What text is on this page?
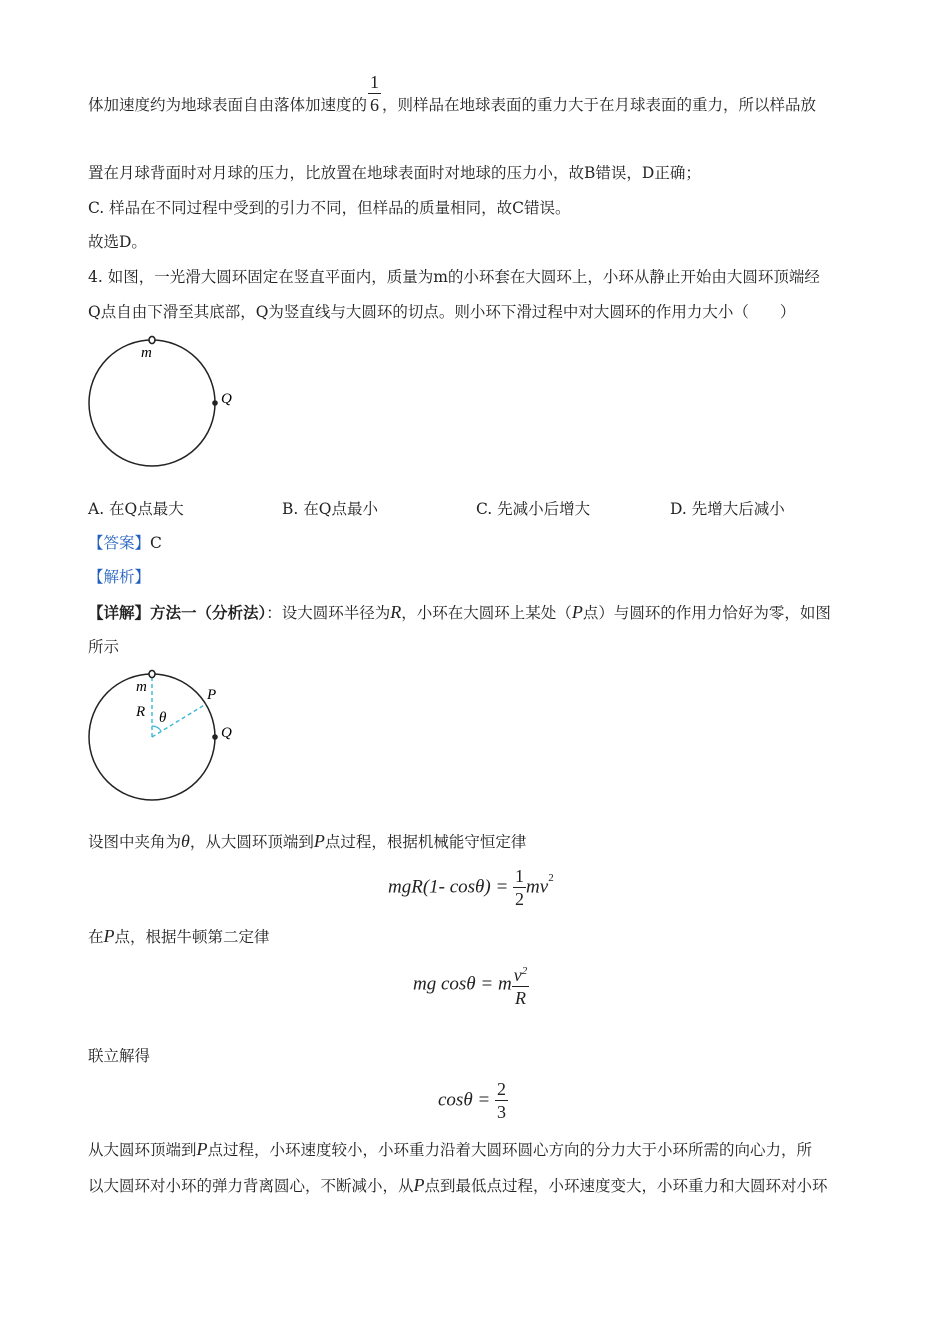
体加速度约为地球表面自由落体加速度的 $\frac{1}{6}$ ，则样品在地球表面的重力大于在月球表面的重力，所以样品放
置在月球背面时对月球的压力，比放置在地球表面时对地球的压力小，故B错误，D正确；
C. 样品在不同过程中受到的引力不同，但样品的质量相同，故C错误。
故选D。
4. 如图，一光滑大圆环固定在竖直平面内，质量为m的小环套在大圆环上，小环从静止开始由大圆环顶端经
Q点自由下滑至其底部，Q为竖直线与大圆环的切点。则小环下滑过程中对大圆环的作用力大小（　　）
m
Q
A. 在Q点最大	B. 在Q点最小	C. 先减小后增大	D. 先增大后减小
【答案】C
【解析】
【详解】方法一（分析法）：设大圆环半径为R，小环在大圆环上某处（P点）与圆环的作用力恰好为零，如图
所示
m	P
R θ
Q
设图中夹角为θ，从大圆环顶端到P点过程，根据机械能守恒定律
mgR(1- $\cos\theta) = \frac{1}{2} mv^2$
在P点，根据牛顿第二定律
mg cosθ = m $\frac{v^2}{R}$
联立解得
$\cos\theta = \frac{2}{3}$
从大圆环顶端到P点过程，小环速度较小，小环重力沿着大圆环圆心方向的分力大于小环所需的向心力，所
以大圆环对小环的弹力背离圆心，不断减小，从P点到最低点过程，小环速度变大，小环重力和大圆环对小环
